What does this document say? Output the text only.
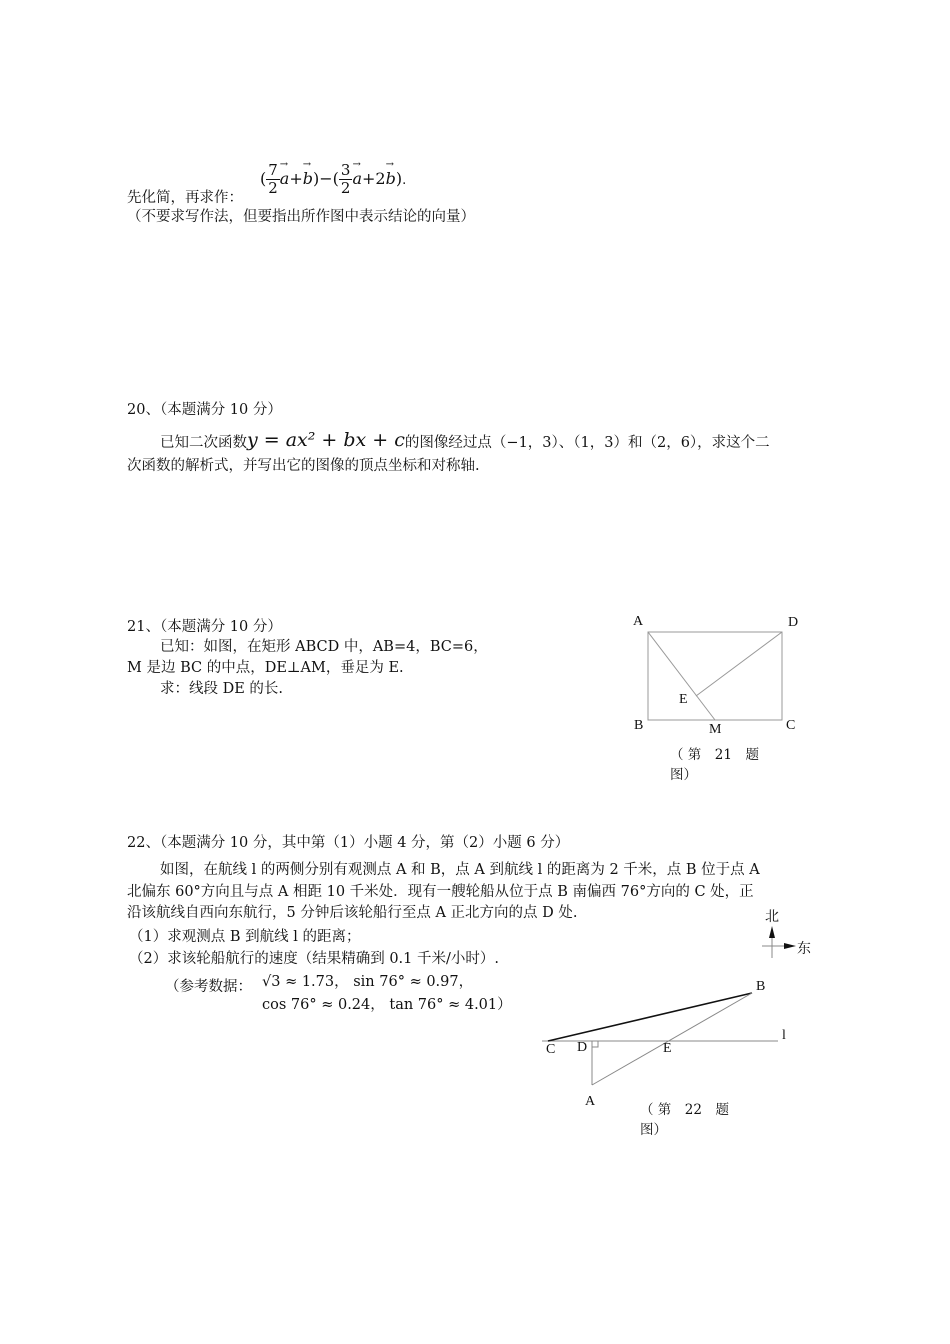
( $\frac{7}{2}$
→ $a+\to b)-( \frac{3}{2}$
→ a+2→ b).
先化简，再求作：
（不要求写作法，但要指出所作图中表示结论的向量）
20、（本题满分 10 分）
已知二次函数y = ax² + bx + c的图像经过点（−1，3）、（1，3）和（2，6），求这个二
次函数的解析式，并写出它的图像的顶点坐标和对称轴.
21、（本题满分 10 分）
已知：如图，在矩形 ABCD 中，AB=4，BC=6，
M 是边 BC 的中点，DE⊥AM，垂足为 E.
求：线段 DE 的长.
A	D
B	C
E
M
（ 第　21　题 图）
22、（本题满分 10 分，其中第（1）小题 4 分，第（2）小题 6 分）
如图，在航线 l 的两侧分别有观测点 A 和 B，点 A 到航线 l 的距离为 2 千米，点 B 位于点 A
北偏东 60°方向且与点 A 相距 10 千米处．现有一艘轮船从位于点 B 南偏西 76°方向的 C 处，正
沿该航线自西向东航行，5 分钟后该轮船行至点 A 正北方向的点 D 处.
（1）求观测点 B 到航线 l 的距离；
（2）求该轮船航行的速度（结果精确到 0.1 千米/小时）.
（参考数据： √3 ≈ 1.73， sin 76° ≈ 0.97，
cos 76° ≈ 0.24， tan 76° ≈ 4.01）
北
东
B
l
C D	E
A
（ 第　22　题 图）
